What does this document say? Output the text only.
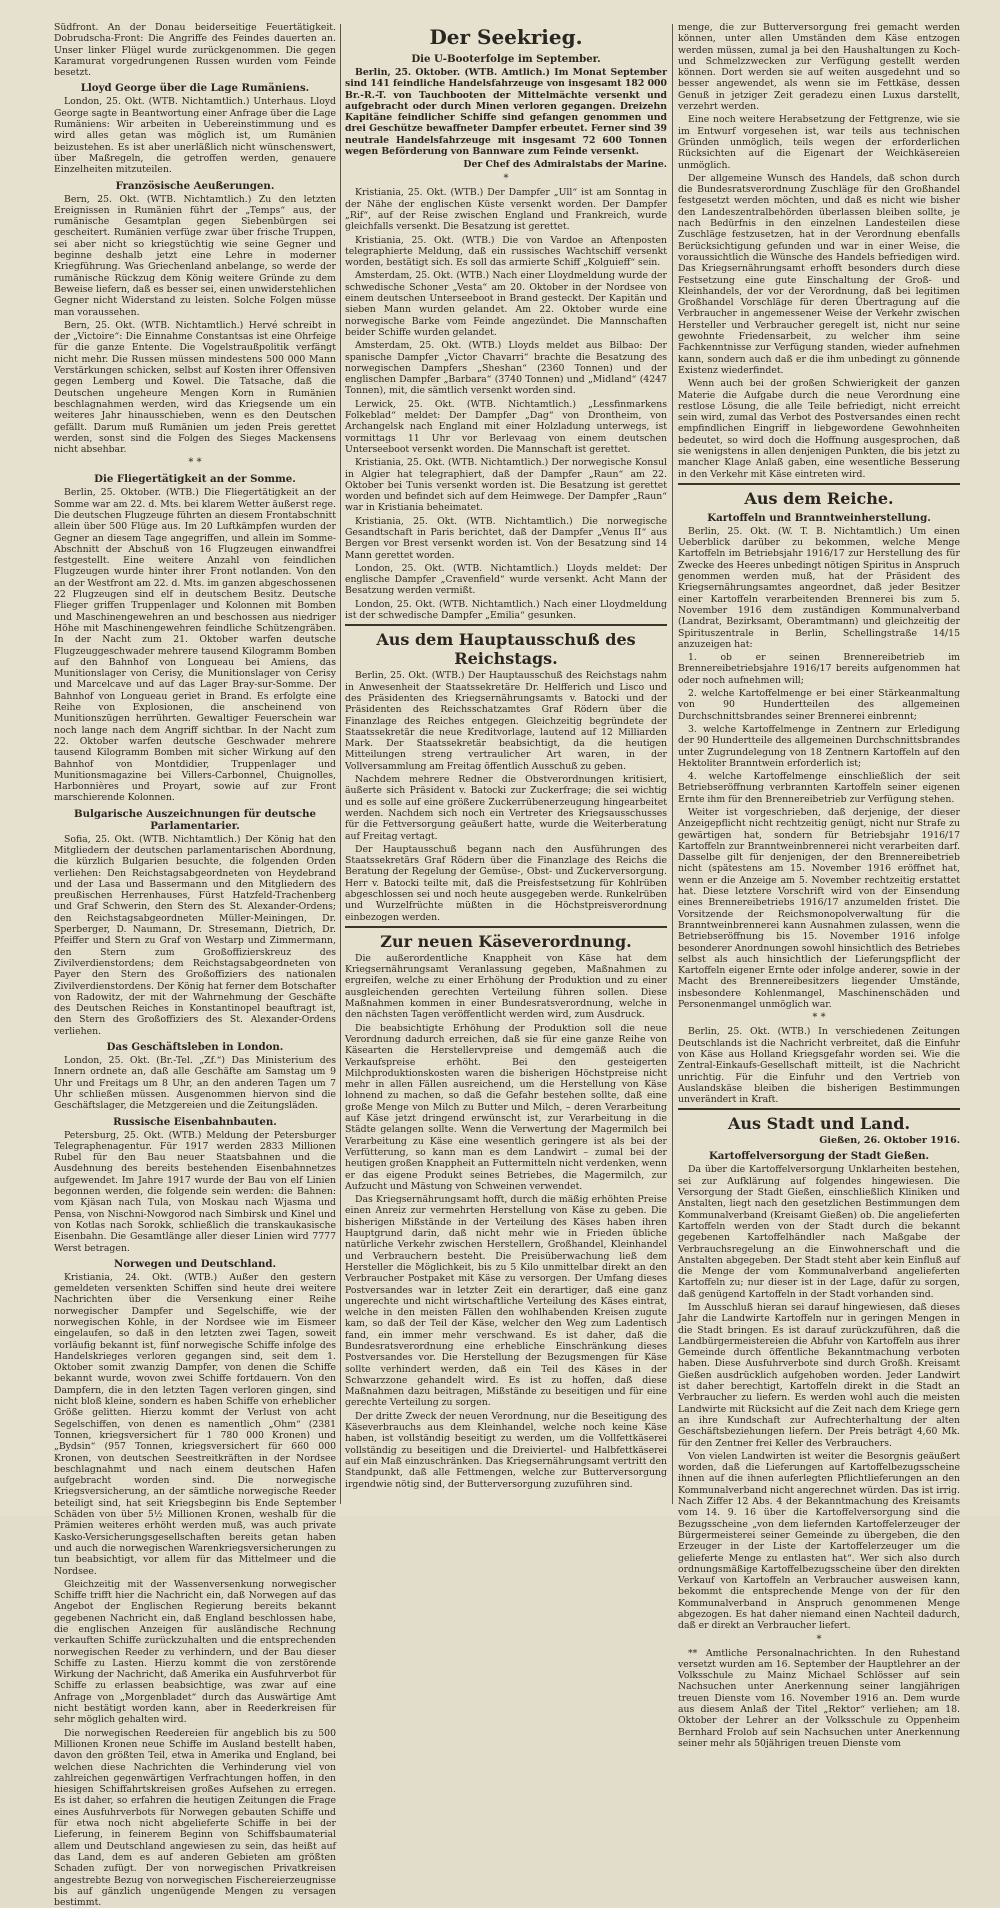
Südfront. An der Donau beiderseitige Feuertätigkeit. Dobrudscha-Front: Die Angriffe des Feindes dauerten an. Unser linker Flügel wurde zurückgenommen. Die gegen Karamurat vorgedrungenen Russen wurden vom Feinde besetzt.

Lloyd George über die Lage Rumäniens.

London, 25. Okt. (WTB. Nichtamtlich.) Unterhaus. Lloyd George sagte in Beantwortung einer Anfrage über die Lage Rumäniens: Wir arbeiten in Uebereinstimmung und es wird alles getan was möglich ist, um Rumänien beizustehen. Es ist aber unerläßlich nicht wünschenswert, über Maßregeln, die getroffen werden, genauere Einzelheiten mitzuteilen.

Französische Aeußerungen.

Bern, 25. Okt. (WTB. Nichtamtlich.) Zu den letzten Ereignissen in Rumänien führt der „Temps“ aus, der rumänische Gesamtplan gegen Siebenbürgen sei gescheitert. Rumänien verfüge zwar über frische Truppen, sei aber nicht so kriegstüchtig wie seine Gegner und beginne deshalb jetzt eine Lehre in moderner Kriegführung. Was Griechenland anbelange, so werde der rumänische Rückzug dem König weitere Gründe zu dem Beweise liefern, daß es besser sei, einen unwiderstehlichen Gegner nicht Widerstand zu leisten. Solche Folgen müsse man voraussehen.

Bern, 25. Okt. (WTB. Nichtamtlich.) Hervé schreibt in der „Victoire“: Die Einnahme Constantsas ist eine Ohrfeige für die ganze Entente. Die Vogelstraußpolitik verfängt nicht mehr. Die Russen müssen mindestens 500 000 Mann Verstärkungen schicken, selbst auf Kosten ihrer Offensiven gegen Lemberg und Kowel. Die Tatsache, daß die Deutschen ungeheure Mengen Korn in Rumänien beschlagnahmen werden, wird das Kriegsende um ein weiteres Jahr hinausschieben, wenn es den Deutschen gefällt. Darum muß Rumänien um jeden Preis gerettet werden, sonst sind die Folgen des Sieges Mackensens nicht absehbar.

* *
Die Fliegertätigkeit an der Somme.

Berlin, 25. Oktober. (WTB.) Die Fliegertätigkeit an der Somme war am 22. d. Mts. bei klarem Wetter äußerst rege. Die deutschen Flugzeuge führten an diesem Frontabschnitt allein über 500 Flüge aus. Im 20 Luftkämpfen wurden der Gegner an diesem Tage angegriffen, und allein im Somme-Abschnitt der Abschuß von 16 Flugzeugen einwandfrei festgestellt. Eine weitere Anzahl von feindlichen Flugzeugen wurde hinter ihrer Front notlanden. Von den an der Westfront am 22. d. Mts. im ganzen abgeschossenen 22 Flugzeugen sind elf in deutschem Besitz. Deutsche Flieger griffen Truppenlager und Kolonnen mit Bomben und Maschinengewehren an und beschossen aus niedriger Höhe mit Maschinengewehren feindliche Schützengräben. In der Nacht zum 21. Oktober warfen deutsche Flugzeuggeschwader mehrere tausend Kilogramm Bomben auf den Bahnhof von Longueau bei Amiens, das Munitionslager von Cerisy, die Munitionslager von Cerisy und Marcelcave und auf das Lager Bray-sur-Somme. Der Bahnhof von Longueau geriet in Brand. Es erfolgte eine Reihe von Explosionen, die anscheinend von Munitionszügen herrührten. Gewaltiger Feuerschein war noch lange nach dem Angriff sichtbar. In der Nacht zum 22. Oktober warfen deutsche Geschwader mehrere tausend Kilogramm Bomben mit sicher Wirkung auf den Bahnhof von Montdidier, Truppenlager und Munitionsmagazine bei Villers-Carbonnel, Chuignolles, Harbonnières und Proyart, sowie auf zur Front marschierende Kolonnen.

Bulgarische Auszeichnungen für deutsche Parlamentarier.

Sofia, 25. Okt. (WTB. Nichtamtlich.) Der König hat den Mitgliedern der deutschen parlamentarischen Abordnung, die kürzlich Bulgarien besuchte, die folgenden Orden verliehen: Den Reichstagsabgeordneten von Heydebrand und der Lasa und Bassermann und den Mitgliedern des preußischen Herrenhauses, Fürst Hatzfeld-Trachenberg und Graf Schwerin, den Stern des St. Alexander-Ordens; den Reichstagsabgeordneten Müller-Meiningen, Dr. Sperberger, D. Naumann, Dr. Stresemann, Dietrich, Dr. Pfeiffer und Stern zu Graf von Westarp und Zimmermann, den Stern zum Großoffizierskreuz des Zivilverdienstordens; dem Reichstagsabgeordneten von Payer den Stern des Großoffiziers des nationalen Zivilverdienstordens. Der König hat ferner dem Botschafter von Radowitz, der mit der Wahrnehmung der Geschäfte des Deutschen Reiches in Konstantinopel beauftragt ist, den Stern des Großoffiziers des St. Alexander-Ordens verliehen.

Das Geschäftsleben in London.

London, 25. Okt. (Br.-Tel. „Zf.“) Das Ministerium des Innern ordnete an, daß alle Geschäfte am Samstag um 9 Uhr und Freitags um 8 Uhr, an den anderen Tagen um 7 Uhr schließen müssen. Ausgenommen hiervon sind die Geschäftslager, die Metzgereien und die Zeitungsläden.

Russische Eisenbahnbauten.

Petersburg, 25. Okt. (WTB.) Meldung der Petersburger Telegraphenagentur. Für 1917 werden 2833 Millionen Rubel für den Bau neuer Staatsbahnen und die Ausdehnung des bereits bestehenden Eisenbahnnetzes aufgewendet. Im Jahre 1917 wurde der Bau von elf Linien begonnen werden, die folgende sein werden: die Bahnen: vom Kjäsan nach Tula, von Moskau nach Wjasma und Pensa, von Nischni-Nowgorod nach Simbirsk und Kinel und von Kotlas nach Sorokk, schließlich die transkaukasische Eisenbahn. Die Gesamtlänge aller dieser Linien wird 7777 Werst betragen.

Norwegen und Deutschland.

Kristiania, 24. Okt. (WTB.) Außer den gestern gemeldeten versenkten Schiffen sind heute drei weitere Nachrichten über die Versenkung einer Reihe norwegischer Dampfer und Segelschiffe, wie der norwegischen Kohle, in der Nordsee wie im Eismeer eingelaufen, so daß in den letzten zwei Tagen, soweit vorläufig bekannt ist, fünf norwegische Schiffe infolge des Handelskrieges verloren gegangen sind, seit dem 1. Oktober somit zwanzig Dampfer, von denen die Schiffe bekannt wurde, wovon zwei Schiffe fortdauern. Von den Dampfern, die in den letzten Tagen verloren gingen, sind nicht bloß kleine, sondern es haben Schiffe von erheblicher Größe gelitten. Hierzu kommt der Verlust von acht Segelschiffen, von denen es namentlich „Ohm“ (2381 Tonnen, kriegsversichert für 1 780 000 Kronen) und „Bydsin“ (957 Tonnen, kriegsversichert für 660 000 Kronen, von deutschen Seestreitkräften in der Nordsee beschlagnahmt und nach einem deutschen Hafen aufgebracht worden sind. Die norwegische Kriegsversicherung, an der sämtliche norwegische Reeder beteiligt sind, hat seit Kriegsbeginn bis Ende September Schäden von über 5½ Millionen Kronen, weshalb für die Prämien weiteres erhöht werden muß, was auch private Kasko-Versicherungsgesellschaften bereits getan haben und auch die norwegischen Warenkriegsversicherungen zu tun beabsichtigt, vor allem für das Mittelmeer und die Nordsee.

Gleichzeitig mit der Wassenversenkung norwegischer Schiffe trifft hier die Nachricht ein, daß Norwegen auf das Angebot der Englischen Regierung bereits bekannt gegebenen Nachricht ein, daß England beschlossen habe, die englischen Anzeigen für ausländische Rechnung verkauften Schiffe zurückzuhalten und die entsprechenden norwegischen Reeder zu verhindern, und der Bau dieser Schiffe zu Lasten. Hierzu kommt die von zerstörende Wirkung der Nachricht, daß Amerika ein Ausfuhrverbot für Schiffe zu erlassen beabsichtige, was zwar auf eine Anfrage von „Morgenbladet“ durch das Auswärtige Amt nicht bestätigt worden kann, aber in Reederkreisen für sehr möglich gehalten wird.

Die norwegischen Reedereien für angeblich bis zu 500 Millionen Kronen neue Schiffe im Ausland bestellt haben, davon den größten Teil, etwa in Amerika und England, bei welchen diese Nachrichten die Verhinderung viel von zahlreichen gegenwärtigen Verfrachtungen hoffen, in den hiesigen Schiffahrtskreisen großes Aufsehen zu erregen. Es ist daher, so erfahren die heutigen Zeitungen die Frage eines Ausfuhrverbots für Norwegen gebauten Schiffe und für etwa noch nicht abgelieferte Schiffe in bei der Lieferung, in feinerem Beginn von Schiffsbaumaterial allem und Deutschland angewiesen zu sein, das heißt auf das Land, dem es auf anderen Gebieten am größten Schaden zufügt. Der von norwegischen Privatkreisen angestrebte Bezug von norwegischen Fischereierzeugnisse bis auf gänzlich ungenügende Mengen zu versagen bestimmt.

Der Seekrieg.
Die U-Booterfolge im September.

Berlin, 25. Oktober. (WTB. Amtlich.) Im Monat September sind 141 feindliche Handelsfahrzeuge von insgesamt 182 000 Br.-R.-T. von Tauchbooten der Mittelmächte versenkt und aufgebracht oder durch Minen verloren gegangen. Dreizehn Kapitäne feindlicher Schiffe sind gefangen genommen und drei Geschütze bewaffneter Dampfer erbeutet. Ferner sind 39 neutrale Handelsfahrzeuge mit insgesamt 72 600 Tonnen wegen Beförderung von Bannware zum Feinde versenkt.

Der Chef des Admiralstabs der Marine.
*

Kristiania, 25. Okt. (WTB.) Der Dampfer „Ull“ ist am Sonntag in der Nähe der englischen Küste versenkt worden. Der Dampfer „Rif“, auf der Reise zwischen England und Frankreich, wurde gleichfalls versenkt. Die Besatzung ist gerettet.

Kristiania, 25. Okt. (WTB.) Die von Vardoe an Aftenposten telegraphierte Meldung, daß ein russisches Wachtschiff versenkt worden, bestätigt sich. Es soll das armierte Schiff „Kolguieff“ sein.

Amsterdam, 25. Okt. (WTB.) Nach einer Lloydmeldung wurde der schwedische Schoner „Vesta“ am 20. Oktober in der Nordsee von einem deutschen Unterseeboot in Brand gesteckt. Der Kapitän und sieben Mann wurden gelandet. Am 22. Oktober wurde eine norwegische Barke vom Feinde angezündet. Die Mannschaften beider Schiffe wurden gelandet.

Amsterdam, 25. Okt. (WTB.) Lloyds meldet aus Bilbao: Der spanische Dampfer „Victor Chavarri“ brachte die Besatzung des norwegischen Dampfers „Sheshan“ (2360 Tonnen) und der englischen Dampfer „Barbara“ (3740 Tonnen) und „Midland“ (4247 Tonnen), mit, die sämtlich versenkt worden sind.

Lerwick, 25. Okt. (WTB. Nichtamtlich.) „Lessfinmarkens Folkeblad“ meldet: Der Dampfer „Dag“ von Drontheim, von Archangelsk nach England mit einer Holzladung unterwegs, ist vormittags 11 Uhr vor Berlevaag von einem deutschen Unterseeboot versenkt worden. Die Mannschaft ist gerettet.

Kristiania, 25. Okt. (WTB. Nichtamtlich.) Der norwegische Konsul in Algier hat telegraphiert, daß der Dampfer „Raun“ am 22. Oktober bei Tunis versenkt worden ist. Die Besatzung ist gerettet worden und befindet sich auf dem Heimwege. Der Dampfer „Raun“ war in Kristiania beheimatet.

Kristiania, 25. Okt. (WTB. Nichtamtlich.) Die norwegische Gesandtschaft in Paris berichtet, daß der Dampfer „Venus II“ aus Bergen vor Brest versenkt worden ist. Von der Besatzung sind 14 Mann gerettet worden.

London, 25. Okt. (WTB. Nichtamtlich.) Lloyds meldet: Der englische Dampfer „Cravenfield“ wurde versenkt. Acht Mann der Besatzung werden vermißt.

London, 25. Okt. (WTB. Nichtamtlich.) Nach einer Lloydmeldung ist der schwedische Dampfer „Emilia“ gesunken.

Aus dem Hauptausschuß des Reichstags.

Berlin, 25. Okt. (WTB.) Der Hauptausschuß des Reichstags nahm in Anwesenheit der Staatssekretäre Dr. Helfferich und Lisco und des Präsidenten des Kriegsernährungsamts v. Batocki und der Präsidenten des Reichsschatzamtes Graf Rödern über die Finanzlage des Reiches entgegen. Gleichzeitig begründete der Staatssekretär die neue Kreditvorlage, lautend auf 12 Milliarden Mark. Der Staatssekretär beabsichtigt, da die heutigen Mitteilungen streng vertraulicher Art waren, in der Vollversammlung am Freitag öffentlich Ausschuß zu geben.

Nachdem mehrere Redner die Obstverordnungen kritisiert, äußerte sich Präsident v. Batocki zur Zuckerfrage; die sei wichtig und es solle auf eine größere Zuckerrübenerzeugung hingearbeitet werden. Nachdem sich noch ein Vertreter des Kriegsausschusses für die Fettversorgung geäußert hatte, wurde die Weiterberatung auf Freitag vertagt.

Der Hauptausschuß begann nach den Ausführungen des Staatssekretärs Graf Rödern über die Finanzlage des Reichs die Beratung der Regelung der Gemüse-, Obst- und Zuckerversorgung. Herr v. Batocki teilte mit, daß die Preisfestsetzung für Kohlrüben abgeschlossen sei und noch heute ausgegeben werde. Runkelrüben und Wurzelfrüchte müßten in die Höchstpreisverordnung einbezogen werden.

Zur neuen Käseverordnung.

Die außerordentliche Knappheit von Käse hat dem Kriegsernährungsamt Veranlassung gegeben, Maßnahmen zu ergreifen, welche zu einer Erhöhung der Produktion und zu einer ausgleichenden gerechten Verteilung führen sollen. Diese Maßnahmen kommen in einer Bundesratsverordnung, welche in den nächsten Tagen veröffentlicht werden wird, zum Ausdruck.

Die beabsichtigte Erhöhung der Produktion soll die neue Verordnung dadurch erreichen, daß sie für eine ganze Reihe von Käsearten die Herstellervpreise und demgemäß auch die Verkaufspreise erhöht. Bei den gesteigerten Milchproduktionskosten waren die bisherigen Höchstpreise nicht mehr in allen Fällen ausreichend, um die Herstellung von Käse lohnend zu machen, so daß die Gefahr bestehen sollte, daß eine große Menge von Milch zu Butter und Milch, – deren Verarbeitung auf Käse jetzt dringend erwünscht ist, zur Verarbeitung in die Städte gelangen sollte. Wenn die Verwertung der Magermilch bei Verarbeitung zu Käse eine wesentlich geringere ist als bei der Verfütterung, so kann man es dem Landwirt – zumal bei der heutigen großen Knappheit an Futtermitteln nicht verdenken, wenn er das eigene Produkt seines Betriebes, die Magermilch, zur Aufzucht und Mästung von Schweinen verwendet.

Das Kriegsernährungsamt hofft, durch die mäßig erhöhten Preise einen Anreiz zur vermehrten Herstellung von Käse zu geben. Die bisherigen Mißstände in der Verteilung des Käses haben ihren Hauptgrund darin, daß nicht mehr wie in Frieden übliche natürliche Verkehr zwischen Herstellern, Großhandel, Kleinhandel und Verbrauchern besteht. Die Preisüberwachung ließ dem Hersteller die Möglichkeit, bis zu 5 Kilo unmittelbar direkt an den Verbraucher Postpaket mit Käse zu versorgen. Der Umfang dieses Postversandes war in letzter Zeit ein derartiger, daß eine ganz ungerechte und nicht wirtschaftliche Verteilung des Käses eintrat, welche in den meisten Fällen den wohlhabenden Kreisen zugute kam, so daß der Teil der Käse, welcher den Weg zum Ladentisch fand, ein immer mehr verschwand. Es ist daher, daß die Bundesratsverordnung eine erhebliche Einschränkung dieses Postversandes vor. Die Herstellung der Bezugsmengen für Käse sollte verhindert werden, daß ein Teil des Käses in der Schwarzzone gehandelt wird. Es ist zu hoffen, daß diese Maßnahmen dazu beitragen, Mißstände zu beseitigen und für eine gerechte Verteilung zu sorgen.

Der dritte Zweck der neuen Verordnung, nur die Beseitigung des Käseverbrauchs aus dem Kleinhandel, welche noch keine Käse haben, ist vollständig beseitigt zu werden, um die Vollfettkäserei vollständig zu beseitigen und die Dreiviertel- und Halbfettkäserei auf ein Maß einzuschränken. Das Kriegsernährungsamt vertritt den Standpunkt, daß alle Fettmengen, welche zur Butterversorgung irgendwie nötig sind, der Butterversorgung zuzuführen sind.

menge, die zur Butterversorgung frei gemacht werden können, unter allen Umständen dem Käse entzogen werden müssen, zumal ja bei den Haushaltungen zu Koch- und Schmelzzwecken zur Verfügung gestellt werden können. Dort werden sie auf weiten ausgedehnt und so besser angewendet, als wenn sie im Fettkäse, dessen Genuß in jetziger Zeit geradezu einen Luxus darstellt, verzehrt werden.

Eine noch weitere Herabsetzung der Fettgrenze, wie sie im Entwurf vorgesehen ist, war teils aus technischen Gründen unmöglich, teils wegen der erforderlichen Rücksichten auf die Eigenart der Weichkäsereien unmöglich.

Der allgemeine Wunsch des Handels, daß schon durch die Bundesratsverordnung Zuschläge für den Großhandel festgesetzt werden möchten, und daß es nicht wie bisher den Landeszentralbehörden überlassen bleiben sollte, je nach Bedürfnis in den einzelnen Landesteilen diese Zuschläge festzusetzen, hat in der Verordnung ebenfalls Berücksichtigung gefunden und war in einer Weise, die voraussichtlich die Wünsche des Handels befriedigen wird. Das Kriegsernährungsamt erhofft besonders durch diese Festsetzung eine gute Einschaltung der Groß- und Kleinhandels, der vor der Verordnung, daß bei legitimen Großhandel Vorschläge für deren Übertragung auf die Verbraucher in angemessener Weise der Verkehr zwischen Hersteller und Verbraucher geregelt ist, nicht nur seine gewohnte Friedensarbeit, zu welcher ihm seine Fachkenntnisse zur Verfügung standen, wieder aufnehmen kann, sondern auch daß er die ihm unbedingt zu gönnende Existenz wiederfindet.

Wenn auch bei der großen Schwierigkeit der ganzen Materie die Aufgabe durch die neue Verordnung eine restlose Lösung, die alle Teile befriedigt, nicht erreicht sein wird, zumal das Verbot des Postversandes einen recht empfindlichen Eingriff in liebgewordene Gewohnheiten bedeutet, so wird doch die Hoffnung ausgesprochen, daß sie wenigstens in allen denjenigen Punkten, die bis jetzt zu mancher Klage Anlaß gaben, eine wesentliche Besserung in den Verkehr mit Käse eintreten wird.

Aus dem Reiche.
Kartoffeln und Branntweinherstellung.

Berlin, 25. Okt. (W. T. B. Nichtamtlich.) Um einen Ueberblick darüber zu bekommen, welche Menge Kartoffeln im Betriebsjahr 1916/17 zur Herstellung des für Zwecke des Heeres unbedingt nötigen Spiritus in Anspruch genommen werden muß, hat der Präsident des Kriegsernährungsamtes angeordnet, daß jeder Besitzer einer Kartoffeln verarbeitenden Brennerei bis zum 5. November 1916 dem zuständigen Kommunalverband (Landrat, Bezirksamt, Oberamtmann) und gleichzeitig der Spirituszentrale in Berlin, Schellingstraße 14/15 anzuzeigen hat:

1. ob er seinen Brennereibetrieb im Brennereibetriebsjahre 1916/17 bereits aufgenommen hat oder noch aufnehmen will;

2. welche Kartoffelmenge er bei einer Stärkeanmaltung von 90 Hundertteilen des allgemeinen Durchschnittsbrandes seiner Brennerei einbrennt;

3. welche Kartoffelmenge in Zentnern zur Erledigung der 90 Hundertteile des allgemeinen Durchschnittsbrandes unter Zugrundelegung von 18 Zentnern Kartoffeln auf den Hektoliter Branntwein erforderlich ist;

4. welche Kartoffelmenge einschließlich der seit Betriebseröffnung verbrannten Kartoffeln seiner eigenen Ernte ihm für den Brennereibetrieb zur Verfügung stehen.

Weiter ist vorgeschrieben, daß derjenige, der dieser Anzeigepflicht nicht rechtzeitig genügt, nicht nur Strafe zu gewärtigen hat, sondern für Betriebsjahr 1916/17 Kartoffeln zur Branntweinbrennerei nicht verarbeiten darf. Dasselbe gilt für denjenigen, der den Brennereibetrieb nicht (spätestens am 15. November 1916 eröffnet hat, wenn er die Anzeige am 5. November rechtzeitig erstattet hat. Diese letztere Vorschrift wird von der Einsendung eines Brennereibetriebs 1916/17 anzumelden fristet. Die Vorsitzende der Reichsmonopolverwaltung für die Branntweinbrennerei kann Ausnahmen zulassen, wenn die Betriebseröffnung bis 15. November 1916 infolge besonderer Anordnungen sowohl hinsichtlich des Betriebes selbst als auch hinsichtlich der Lieferungspflicht der Kartoffeln eigener Ernte oder infolge anderer, sowie in der Macht des Brennereibesitzers liegender Umstände, insbesondere Kohlenmangel, Maschinenschäden und Personenmangel unmöglich war.

* *

Berlin, 25. Okt. (WTB.) In verschiedenen Zeitungen Deutschlands ist die Nachricht verbreitet, daß die Einfuhr von Käse aus Holland Kriegsgefahr worden sei. Wie die Zentral-Einkaufs-Gesellschaft mitteilt, ist die Nachricht unrichtig. Für die Einfuhr und den Vertrieb von Auslandskäse bleiben die bisherigen Bestimmungen unverändert in Kraft.

Aus Stadt und Land.
Gießen, 26. Oktober 1916.
Kartoffelversorgung der Stadt Gießen.

Da über die Kartoffelversorgung Unklarheiten bestehen, sei zur Aufklärung auf folgendes hingewiesen. Die Versorgung der Stadt Gießen, einschließlich Kliniken und Anstalten, liegt nach den gesetzlichen Bestimmungen dem Kommunalverband (Kreisamt Gießen) ob. Die angelieferten Kartoffeln werden von der Stadt durch die bekannt gegebenen Kartoffelhändler nach Maßgabe der Verbrauchsregelung an die Einwohnerschaft und die Anstalten abgegeben. Der Stadt steht aber kein Einfluß auf die Menge der vom Kommunalverband angelieferten Kartoffeln zu; nur dieser ist in der Lage, dafür zu sorgen, daß genügend Kartoffeln in der Stadt vorhanden sind.

Im Ausschluß hieran sei darauf hingewiesen, daß dieses Jahr die Landwirte Kartoffeln nur in geringen Mengen in die Stadt bringen. Es ist darauf zurückzuführen, daß die Landbürgermeistereien die Abfuhr von Kartoffeln aus ihrer Gemeinde durch öffentliche Bekanntmachung verboten haben. Diese Ausfuhrverbote sind durch Großh. Kreisamt Gießen ausdrücklich aufgehoben worden. Jeder Landwirt ist daher berechtigt, Kartoffeln direkt in die Stadt an Verbraucher zu liefern. Es werden wohl auch die meisten Landwirte mit Rücksicht auf die Zeit nach dem Kriege gern an ihre Kundschaft zur Aufrechterhaltung der alten Geschäftsbeziehungen liefern. Der Preis beträgt 4,60 Mk. für den Zentner frei Keller des Verbrauchers.

Von vielen Landwirten ist weiter die Besorgnis geäußert worden, daß die Lieferungen auf Kartoffelbezugsscheine ihnen auf die ihnen auferlegten Pflichtlieferungen an den Kommunalverband nicht angerechnet würden. Das ist irrig. Nach Ziffer 12 Abs. 4 der Bekanntmachung des Kreisamts vom 14. 9. 16 über die Kartoffelversorgung sind die Bezugsscheine „von dem liefernden Kartoffelerzeuger der Bürgermeisterei seiner Gemeinde zu übergeben, die den Erzeuger in der Liste der Kartoffelerzeuger um die gelieferte Menge zu entlasten hat“. Wer sich also durch ordnungsmäßige Kartoffelbezugsscheine über den direkten Verkauf von Kartoffeln an Verbraucher ausweisen kann, bekommt die entsprechende Menge von der für den Kommunalverband in Anspruch genommenen Menge abgezogen. Es hat daher niemand einen Nachteil dadurch, daß er direkt an Verbraucher liefert.

*

** Amtliche Personalnachrichten. In den Ruhestand versetzt wurden am 16. September der Hauptlehrer an der Volksschule zu Mainz Michael Schlösser auf sein Nachsuchen unter Anerkennung seiner langjährigen treuen Dienste vom 16. November 1916 an. Dem wurde aus diesem Anlaß der Titel „Rektor“ verliehen; am 18. Oktober der Lehrer an der Volksschule zu Oppenheim Bernhard Frolob auf sein Nachsuchen unter Anerkennung seiner mehr als 50jährigen treuen Dienste vom
